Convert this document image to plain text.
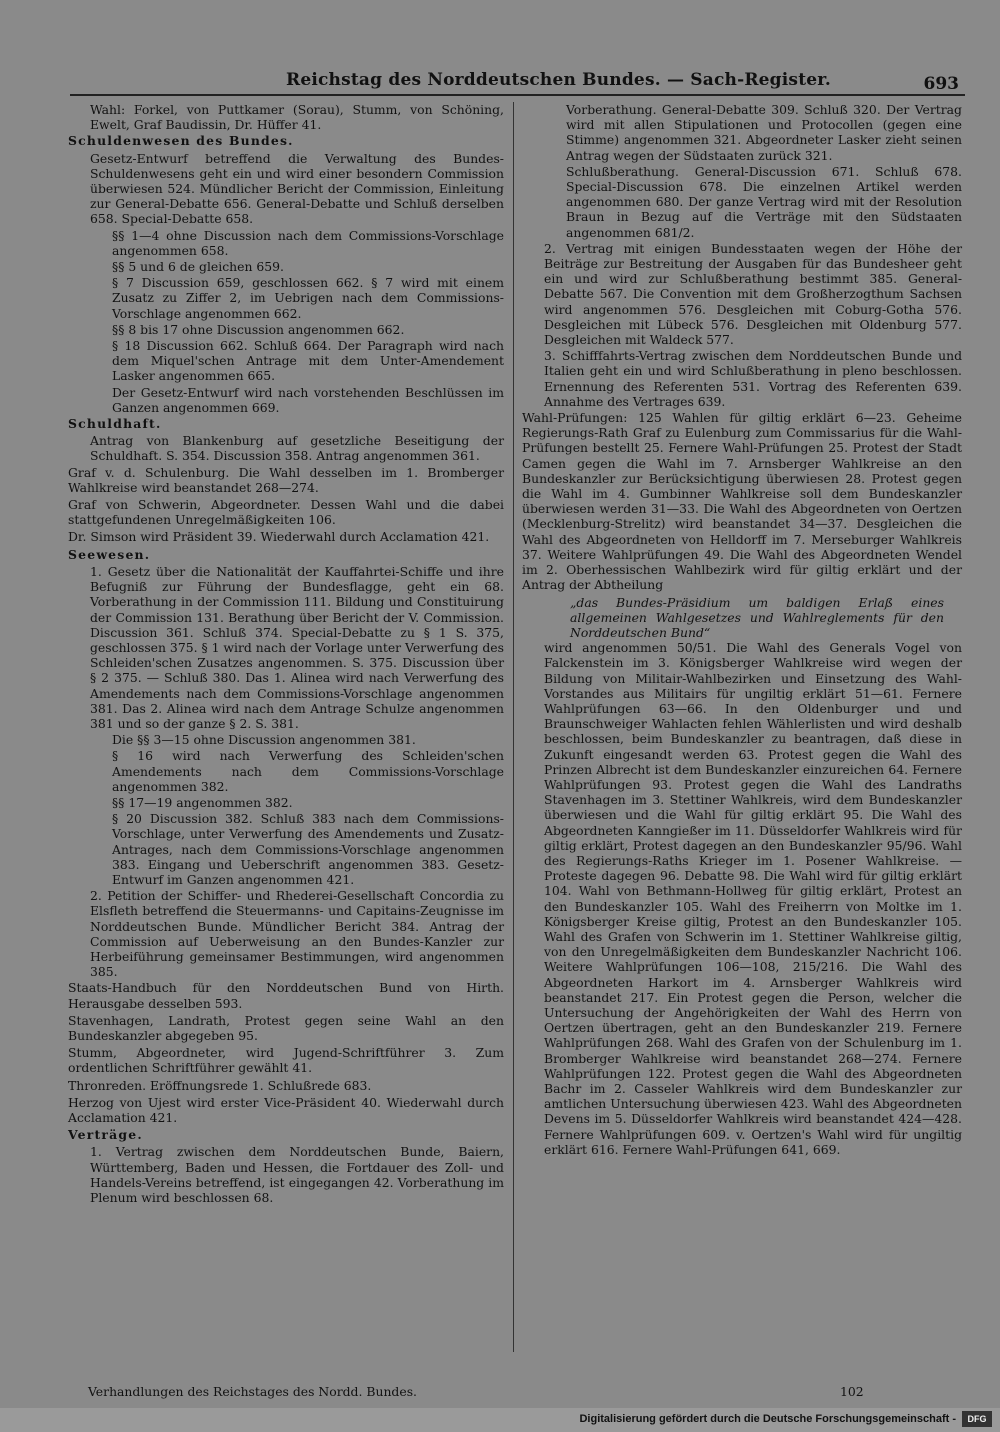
Reichstag des Norddeutschen Bundes. — Sach-Register.	693

Wahl: Forkel, von Puttkamer (Sorau), Stumm, von Schöning, Ewelt, Graf Baudissin, Dr. Hüffer 41.

Schuldenwesen des Bundes.

Gesetz-Entwurf betreffend die Verwaltung des Bundes-Schuldenwesens geht ein und wird einer besondern Commission überwiesen 524. Mündlicher Bericht der Commission, Einleitung zur General-Debatte 656. General-Debatte und Schluß derselben 658. Special-Debatte 658.

§§ 1—4 ohne Discussion nach dem Commissions-Vorschlage angenommen 658.

§§ 5 und 6 de gleichen 659.

§ 7 Discussion 659, geschlossen 662. § 7 wird mit einem Zusatz zu Ziffer 2, im Uebrigen nach dem Commissions-Vorschlage angenommen 662.

§§ 8 bis 17 ohne Discussion angenommen 662.

§ 18 Discussion 662. Schluß 664. Der Paragraph wird nach dem Miquel'schen Antrage mit dem Unter-Amendement Lasker angenommen 665.

Der Gesetz-Entwurf wird nach vorstehenden Beschlüssen im Ganzen angenommen 669.

Schuldhaft.

Antrag von Blankenburg auf gesetzliche Beseitigung der Schuldhaft. S. 354. Discussion 358. Antrag angenommen 361.

Graf v. d. Schulenburg. Die Wahl desselben im 1. Bromberger Wahlkreise wird beanstandet 268—274.

Graf von Schwerin, Abgeordneter. Dessen Wahl und die dabei stattgefundenen Unregelmäßigkeiten 106.

Dr. Simson wird Präsident 39. Wiederwahl durch Acclamation 421.

Seewesen.

1. Gesetz über die Nationalität der Kauffahrtei-Schiffe und ihre Befugniß zur Führung der Bundesflagge, geht ein 68. Vorberathung in der Commission 111. Bildung und Constituirung der Commission 131. Berathung über Bericht der V. Commission. Discussion 361. Schluß 374. Special-Debatte zu § 1 S. 375, geschlossen 375. § 1 wird nach der Vorlage unter Verwerfung des Schleiden'schen Zusatzes angenommen. S. 375. Discussion über § 2 375. — Schluß 380. Das 1. Alinea wird nach Verwerfung des Amendements nach dem Commissions-Vorschlage angenommen 381. Das 2. Alinea wird nach dem Antrage Schulze angenommen 381 und so der ganze § 2. S. 381.

Die §§ 3—15 ohne Discussion angenommen 381.

§ 16 wird nach Verwerfung des Schleiden'schen Amendements nach dem Commissions-Vorschlage angenommen 382.

§§ 17—19 angenommen 382.

§ 20 Discussion 382. Schluß 383 nach dem Commissions-Vorschlage, unter Verwerfung des Amendements und Zusatz-Antrages, nach dem Commissions-Vorschlage angenommen 383. Eingang und Ueberschrift angenommen 383. Gesetz-Entwurf im Ganzen angenommen 421.

2. Petition der Schiffer- und Rhederei-Gesellschaft Concordia zu Elsfleth betreffend die Steuermanns- und Capitains-Zeugnisse im Norddeutschen Bunde. Mündlicher Bericht 384. Antrag der Commission auf Ueberweisung an den Bundes-Kanzler zur Herbeiführung gemeinsamer Bestimmungen, wird angenommen 385.

Staats-Handbuch für den Norddeutschen Bund von Hirth. Herausgabe desselben 593.

Stavenhagen, Landrath, Protest gegen seine Wahl an den Bundeskanzler abgegeben 95.

Stumm, Abgeordneter, wird Jugend-Schriftführer 3. Zum ordentlichen Schriftführer gewählt 41.

Thronreden. Eröffnungsrede 1. Schlußrede 683.

Herzog von Ujest wird erster Vice-Präsident 40. Wiederwahl durch Acclamation 421.

Verträge.

1. Vertrag zwischen dem Norddeutschen Bunde, Baiern, Württemberg, Baden und Hessen, die Fortdauer des Zoll- und Handels-Vereins betreffend, ist eingegangen 42. Vorberathung im Plenum wird beschlossen 68.

Vorberathung. General-Debatte 309. Schluß 320. Der Vertrag wird mit allen Stipulationen und Protocollen (gegen eine Stimme) angenommen 321. Abgeordneter Lasker zieht seinen Antrag wegen der Südstaaten zurück 321.

Schlußberathung. General-Discussion 671. Schluß 678. Special-Discussion 678. Die einzelnen Artikel werden angenommen 680. Der ganze Vertrag wird mit der Resolution Braun in Bezug auf die Verträge mit den Südstaaten angenommen 681/2.

2. Vertrag mit einigen Bundesstaaten wegen der Höhe der Beiträge zur Bestreitung der Ausgaben für das Bundesheer geht ein und wird zur Schlußberathung bestimmt 385. General-Debatte 567. Die Convention mit dem Großherzogthum Sachsen wird angenommen 576. Desgleichen mit Coburg-Gotha 576. Desgleichen mit Lübeck 576. Desgleichen mit Oldenburg 577. Desgleichen mit Waldeck 577.

3. Schifffahrts-Vertrag zwischen dem Norddeutschen Bunde und Italien geht ein und wird Schlußberathung in pleno beschlossen. Ernennung des Referenten 531. Vortrag des Referenten 639. Annahme des Vertrages 639.

Wahl-Prüfungen: 125 Wahlen für giltig erklärt 6—23. Geheime Regierungs-Rath Graf zu Eulenburg zum Commissarius für die Wahl-Prüfungen bestellt 25. Fernere Wahl-Prüfungen 25. Protest der Stadt Camen gegen die Wahl im 7. Arnsberger Wahlkreise an den Bundeskanzler zur Berücksichtigung überwiesen 28. Protest gegen die Wahl im 4. Gumbinner Wahlkreise soll dem Bundeskanzler überwiesen werden 31—33. Die Wahl des Abgeordneten von Oertzen (Mecklenburg-Strelitz) wird beanstandet 34—37. Desgleichen die Wahl des Abgeordneten von Helldorff im 7. Merseburger Wahlkreis 37. Weitere Wahlprüfungen 49. Die Wahl des Abgeordneten Wendel im 2. Oberhessischen Wahlbezirk wird für giltig erklärt und der Antrag der Abtheilung

„das Bundes-Präsidium um baldigen Erlaß eines allgemeinen Wahlgesetzes und Wahlreglements für den Norddeutschen Bund“

wird angenommen 50/51. Die Wahl des Generals Vogel von Falckenstein im 3. Königsberger Wahlkreise wird wegen der Bildung von Militair-Wahlbezirken und Einsetzung des Wahl-Vorstandes aus Militairs für ungiltig erklärt 51—61. Fernere Wahlprüfungen 63—66. In den Oldenburger und und Braunschweiger Wahlacten fehlen Wählerlisten und wird deshalb beschlossen, beim Bundeskanzler zu beantragen, daß diese in Zukunft eingesandt werden 63. Protest gegen die Wahl des Prinzen Albrecht ist dem Bundeskanzler einzureichen 64. Fernere Wahlprüfungen 93. Protest gegen die Wahl des Landraths Stavenhagen im 3. Stettiner Wahlkreis, wird dem Bundeskanzler überwiesen und die Wahl für giltig erklärt 95. Die Wahl des Abgeordneten Kanngießer im 11. Düsseldorfer Wahlkreis wird für giltig erklärt, Protest dagegen an den Bundeskanzler 95/96. Wahl des Regierungs-Raths Krieger im 1. Posener Wahlkreise. — Proteste dagegen 96. Debatte 98. Die Wahl wird für giltig erklärt 104. Wahl von Bethmann-Hollweg für giltig erklärt, Protest an den Bundeskanzler 105. Wahl des Freiherrn von Moltke im 1. Königsberger Kreise giltig, Protest an den Bundeskanzler 105. Wahl des Grafen von Schwerin im 1. Stettiner Wahlkreise giltig, von den Unregelmäßigkeiten dem Bundeskanzler Nachricht 106. Weitere Wahlprüfungen 106—108, 215/216. Die Wahl des Abgeordneten Harkort im 4. Arnsberger Wahlkreis wird beanstandet 217. Ein Protest gegen die Person, welcher die Untersuchung der Angehörigkeiten der Wahl des Herrn von Oertzen übertragen, geht an den Bundeskanzler 219. Fernere Wahlprüfungen 268. Wahl des Grafen von der Schulenburg im 1. Bromberger Wahlkreise wird beanstandet 268—274. Fernere Wahlprüfungen 122. Protest gegen die Wahl des Abgeordneten Bachr im 2. Casseler Wahlkreis wird dem Bundeskanzler zur amtlichen Untersuchung überwiesen 423. Wahl des Abgeordneten Devens im 5. Düsseldorfer Wahlkreis wird beanstandet 424—428. Fernere Wahlprüfungen 609. v. Oertzen's Wahl wird für ungiltig erklärt 616. Fernere Wahl-Prüfungen 641, 669.

Verhandlungen des Reichstages des Nordd. Bundes.	102
Digitalisierung gefördert durch die Deutsche Forschungsgemeinschaft -	DFG
